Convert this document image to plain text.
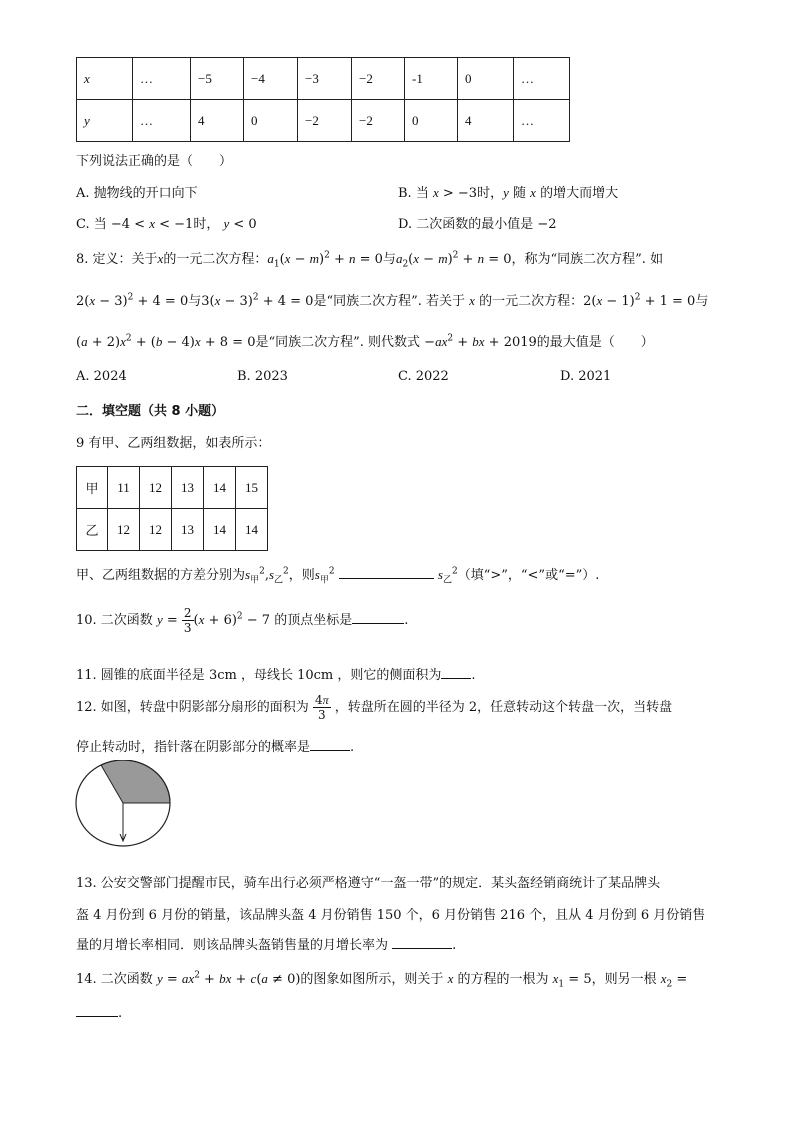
x	…	−5	−4	−3	−2	-1	0	…

y	…	4	0	−2	−2	0	4	…
下列说法正确的是（　　）
A. 抛物线的开口向下	B. 当 x > −3时，y 随 x 的增大而增大
C. 当 −4 < x < −1时， y < 0	D. 二次函数的最小值是 −2
8. 定义：关于x的一元二次方程：$a_1(x - m)^2 + n = 0$与$a_2(x - m)^2 + n = 0$，称为“同族二次方程”. 如
$2(x - 3)^2 + 4 = 0$与$3(x - 3)^2 + 4 = 0$是“同族二次方程”. 若关于 x 的一元二次方程：$2(x - 1)^2 + 1 = 0$与
$(a + 2)x^2 + (b - 4)x + 8 = 0$是“同族二次方程”. 则代数式 $-ax^2$ + bx + 2019的最大值是（　　）
A. 2024	B. 2023	C. 2022	D. 2021
二．填空题（共 8 小题）
9 有甲、乙两组数据，如表所示：
甲	11	12	13	14	15
乙	12	12	13	14	14
甲、乙两组数据的方差分别为$s_甲^2,s_乙^2$，则$s_甲^2$	$s_乙^2$（填“>”，“<”或“=”）.
10. 二次函数 $y = \frac{2}{3} (x + 6)^2 - 7$ 的顶点坐标是	.
11. 圆锥的底面半径是 3cm ，母线长 10cm ，则它的侧面积为 .
12. 如图，转盘中阴影部分扇形的面积为 $\frac{4\pi}{3}$ ，转盘所在圆的半径为 2，任意转动这个转盘一次，当转盘
停止转动时，指针落在阴影部分的概率是	.
13. 公安交警部门提醒市民，骑车出行必须严格遵守“一盔一带”的规定．某头盔经销商统计了某品牌头
盔 4 月份到 6 月份的销量，该品牌头盔 4 月份销售 150 个，6 月份销售 216 个，且从 4 月份到 6 月份销售
量的月增长率相同．则该品牌头盔销售量的月增长率为	.
14. 二次函数 $y = ax^2$ + bx + c(a ≠ 0)的图象如图所示，则关于 x 的方程的一根为 $x_1 = 5$，则另一根 $x_2$ =
.
